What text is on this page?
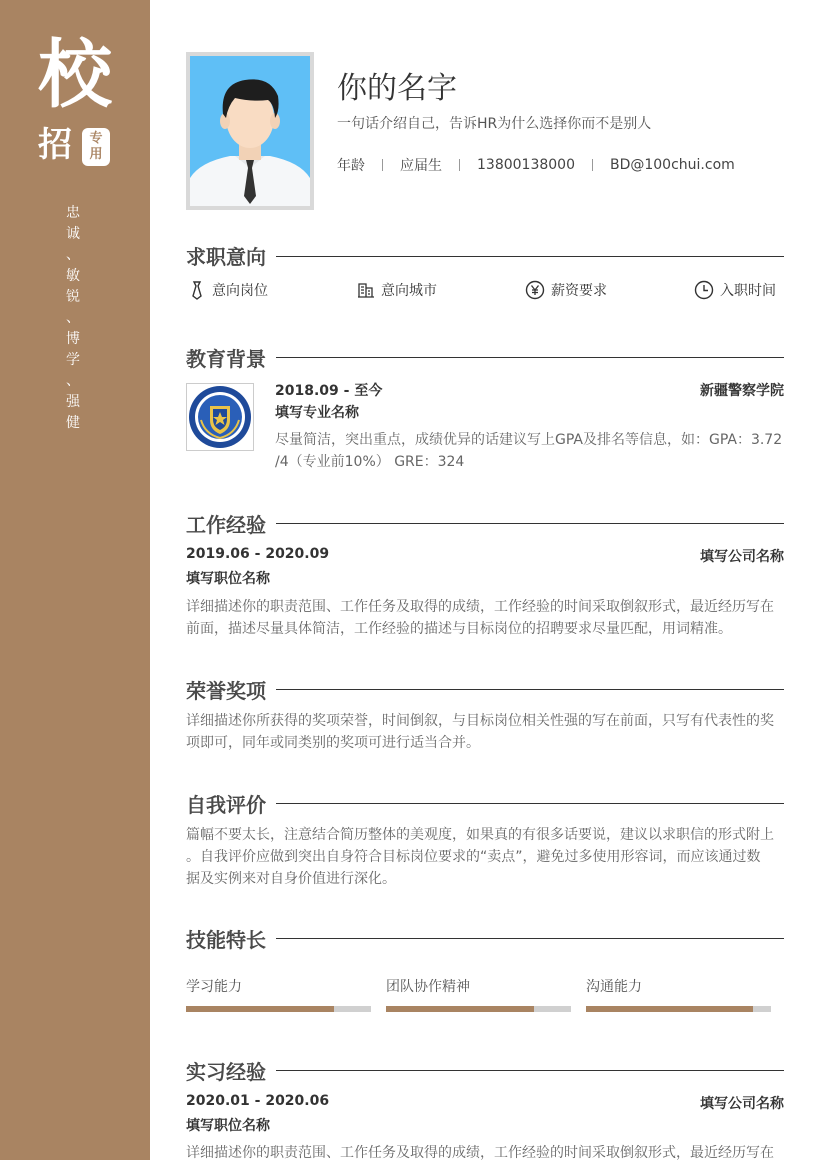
校
招	专
用
忠
诚
、
敏
锐
、
博
学
、
强
健
你的名字
一句话介绍自己，告诉HR为什么选择你而不是别人
年龄	应届生	13800138000	BD@100chui.com
求职意向
意向岗位	意向城市	薪资要求	入职时间
教育背景
2018.09 - 至今	新疆警察学院
填写专业名称
尽量简洁，突出重点，成绩优异的话建议写上GPA及排名等信息，如：GPA：3.72
/4（专业前10%） GRE：324
工作经验
2019.06 - 2020.09	填写公司名称
填写职位名称
详细描述你的职责范围、工作任务及取得的成绩，工作经验的时间采取倒叙形式，最近经历写在
前面，描述尽量具体简洁，工作经验的描述与目标岗位的招聘要求尽量匹配，用词精准。
荣誉奖项
详细描述你所获得的奖项荣誉，时间倒叙，与目标岗位相关性强的写在前面，只写有代表性的奖
项即可，同年或同类别的奖项可进行适当合并。
自我评价
篇幅不要太长，注意结合简历整体的美观度，如果真的有很多话要说，建议以求职信的形式附上
。自我评价应做到突出自身符合目标岗位要求的“卖点”，避免过多使用形容词，而应该通过数
据及实例来对自身价值进行深化。
技能特长
学习能力	团队协作精神	沟通能力
实习经验
2020.01 - 2020.06	填写公司名称
填写职位名称
详细描述你的职责范围、工作任务及取得的成绩，工作经验的时间采取倒叙形式，最近经历写在
